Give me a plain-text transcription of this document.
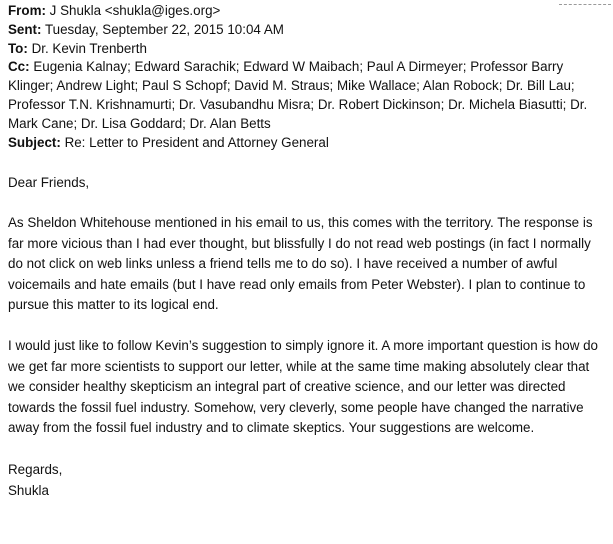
From: J Shukla <shukla@iges.org>

Sent: Tuesday, September 22, 2015 10:04 AM

To: Dr. Kevin Trenberth

Cc: Eugenia Kalnay; Edward Sarachik; Edward W Maibach; Paul A Dirmeyer; Professor Barry Klinger; Andrew Light; Paul S Schopf; David M. Straus; Mike Wallace; Alan Robock; Dr. Bill Lau; Professor T.N. Krishnamurti; Dr. Vasubandhu Misra; Dr. Robert Dickinson; Dr. Michela Biasutti; Dr. Mark Cane; Dr. Lisa Goddard; Dr. Alan Betts

Subject: Re: Letter to President and Attorney General

Dear Friends,

As Sheldon Whitehouse mentioned in his email to us, this comes with the territory. The response is far more vicious than I had ever thought, but blissfully I do not read web postings (in fact I normally do not click on web links unless a friend tells me to do so). I have received a number of awful voicemails and hate emails (but I have read only emails from Peter Webster). I plan to continue to pursue this matter to its logical end.

I would just like to follow Kevin’s suggestion to simply ignore it. A more important question is how do we get far more scientists to support our letter, while at the same time making absolutely clear that we consider healthy skepticism an integral part of creative science, and our letter was directed towards the fossil fuel industry. Somehow, very cleverly, some people have changed the narrative away from the fossil fuel industry and to climate skeptics. Your suggestions are welcome.

Regards,

Shukla
